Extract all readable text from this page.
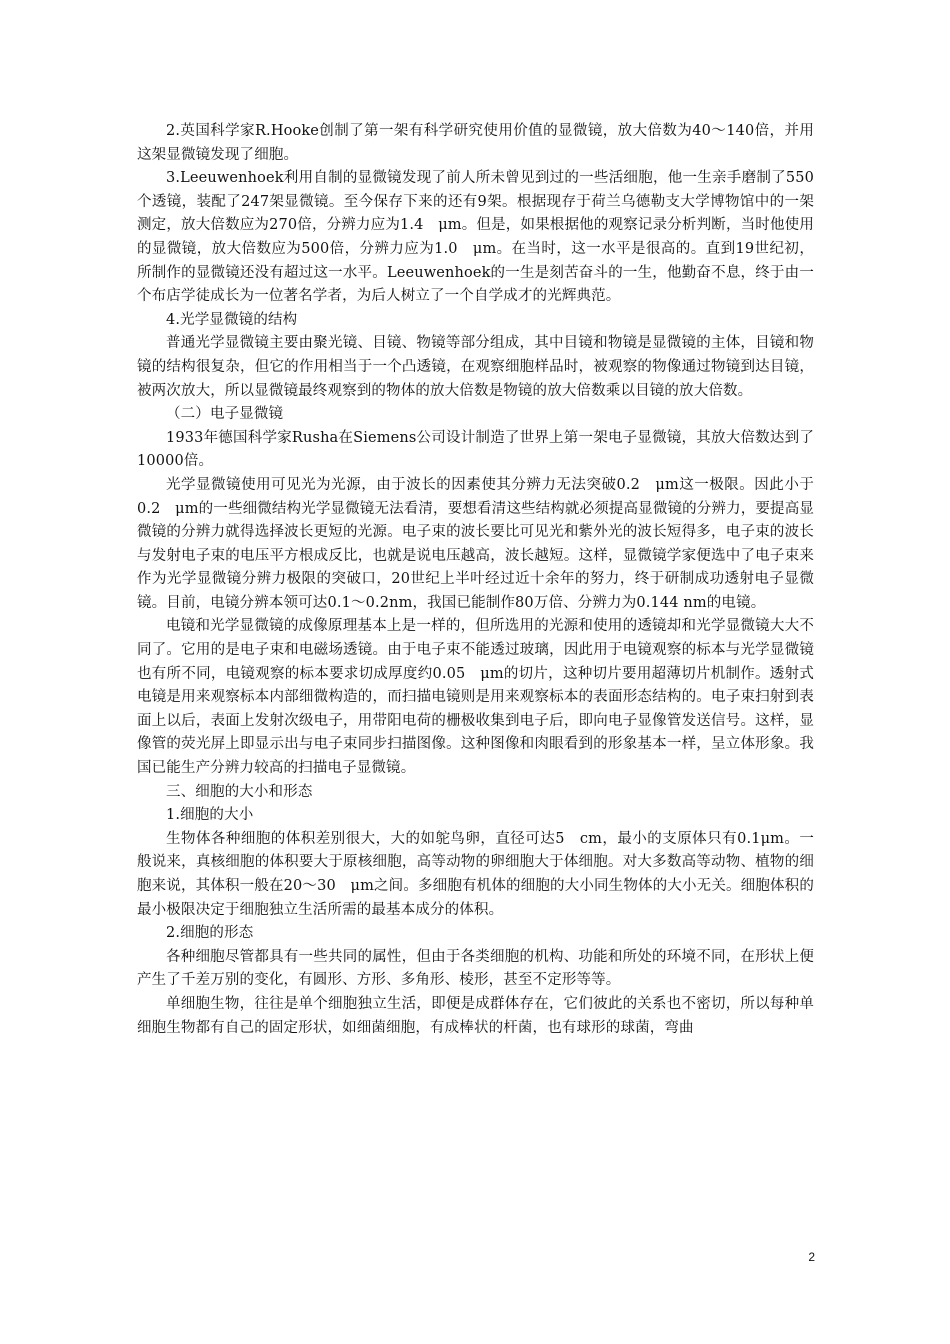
2.英国科学家R.Hooke创制了第一架有科学研究使用价值的显微镜，放大倍数为40～140倍，并用这架显微镜发现了细胞。

3.Leeuwenhoek利用自制的显微镜发现了前人所未曾见到过的一些活细胞，他一生亲手磨制了550个透镜，装配了247架显微镜。至今保存下来的还有9架。根据现存于荷兰乌德勒支大学博物馆中的一架测定，放大倍数应为270倍，分辨力应为1.4　μm。但是，如果根据他的观察记录分析判断，当时他使用的显微镜，放大倍数应为500倍，分辨力应为1.0　μm。在当时，这一水平是很高的。直到19世纪初，所制作的显微镜还没有超过这一水平。Leeuwenhoek的一生是刻苦奋斗的一生，他勤奋不息，终于由一个布店学徒成长为一位著名学者，为后人树立了一个自学成才的光辉典范。

4.光学显微镜的结构

普通光学显微镜主要由聚光镜、目镜、物镜等部分组成，其中目镜和物镜是显微镜的主体，目镜和物镜的结构很复杂，但它的作用相当于一个凸透镜，在观察细胞样品时，被观察的物像通过物镜到达目镜，被两次放大，所以显微镜最终观察到的物体的放大倍数是物镜的放大倍数乘以目镜的放大倍数。

（二）电子显微镜

1933年德国科学家Rusha在Siemens公司设计制造了世界上第一架电子显微镜，其放大倍数达到了10000倍。

光学显微镜使用可见光为光源，由于波长的因素使其分辨力无法突破0.2　μm这一极限。因此小于0.2　μm的一些细微结构光学显微镜无法看清，要想看清这些结构就必须提高显微镜的分辨力，要提高显微镜的分辨力就得选择波长更短的光源。电子束的波长要比可见光和紫外光的波长短得多，电子束的波长与发射电子束的电压平方根成反比，也就是说电压越高，波长越短。这样，显微镜学家便选中了电子束来作为光学显微镜分辨力极限的突破口，20世纪上半叶经过近十余年的努力，终于研制成功透射电子显微镜。目前，电镜分辨本领可达0.1～0.2nm，我国已能制作80万倍、分辨力为0.144 nm的电镜。

电镜和光学显微镜的成像原理基本上是一样的，但所选用的光源和使用的透镜却和光学显微镜大大不同了。它用的是电子束和电磁场透镜。由于电子束不能透过玻璃，因此用于电镜观察的标本与光学显微镜也有所不同，电镜观察的标本要求切成厚度约0.05　μm的切片，这种切片要用超薄切片机制作。透射式电镜是用来观察标本内部细微构造的，而扫描电镜则是用来观察标本的表面形态结构的。电子束扫射到表面上以后，表面上发射次级电子，用带阳电荷的栅极收集到电子后，即向电子显像管发送信号。这样，显像管的荧光屏上即显示出与电子束同步扫描图像。这种图像和肉眼看到的形象基本一样，呈立体形象。我国已能生产分辨力较高的扫描电子显微镜。

三、细胞的大小和形态

1.细胞的大小

生物体各种细胞的体积差别很大，大的如鸵鸟卵，直径可达5　cm，最小的支原体只有0.1μm。一般说来，真核细胞的体积要大于原核细胞，高等动物的卵细胞大于体细胞。对大多数高等动物、植物的细胞来说，其体积一般在20～30　μm之间。多细胞有机体的细胞的大小同生物体的大小无关。细胞体积的最小极限决定于细胞独立生活所需的最基本成分的体积。

2.细胞的形态

各种细胞尽管都具有一些共同的属性，但由于各类细胞的机构、功能和所处的环境不同，在形状上便产生了千差万别的变化，有圆形、方形、多角形、棱形，甚至不定形等等。

单细胞生物，往往是单个细胞独立生活，即便是成群体存在，它们彼此的关系也不密切，所以每种单细胞生物都有自己的固定形状，如细菌细胞，有成棒状的杆菌，也有球形的球菌，弯曲

2
